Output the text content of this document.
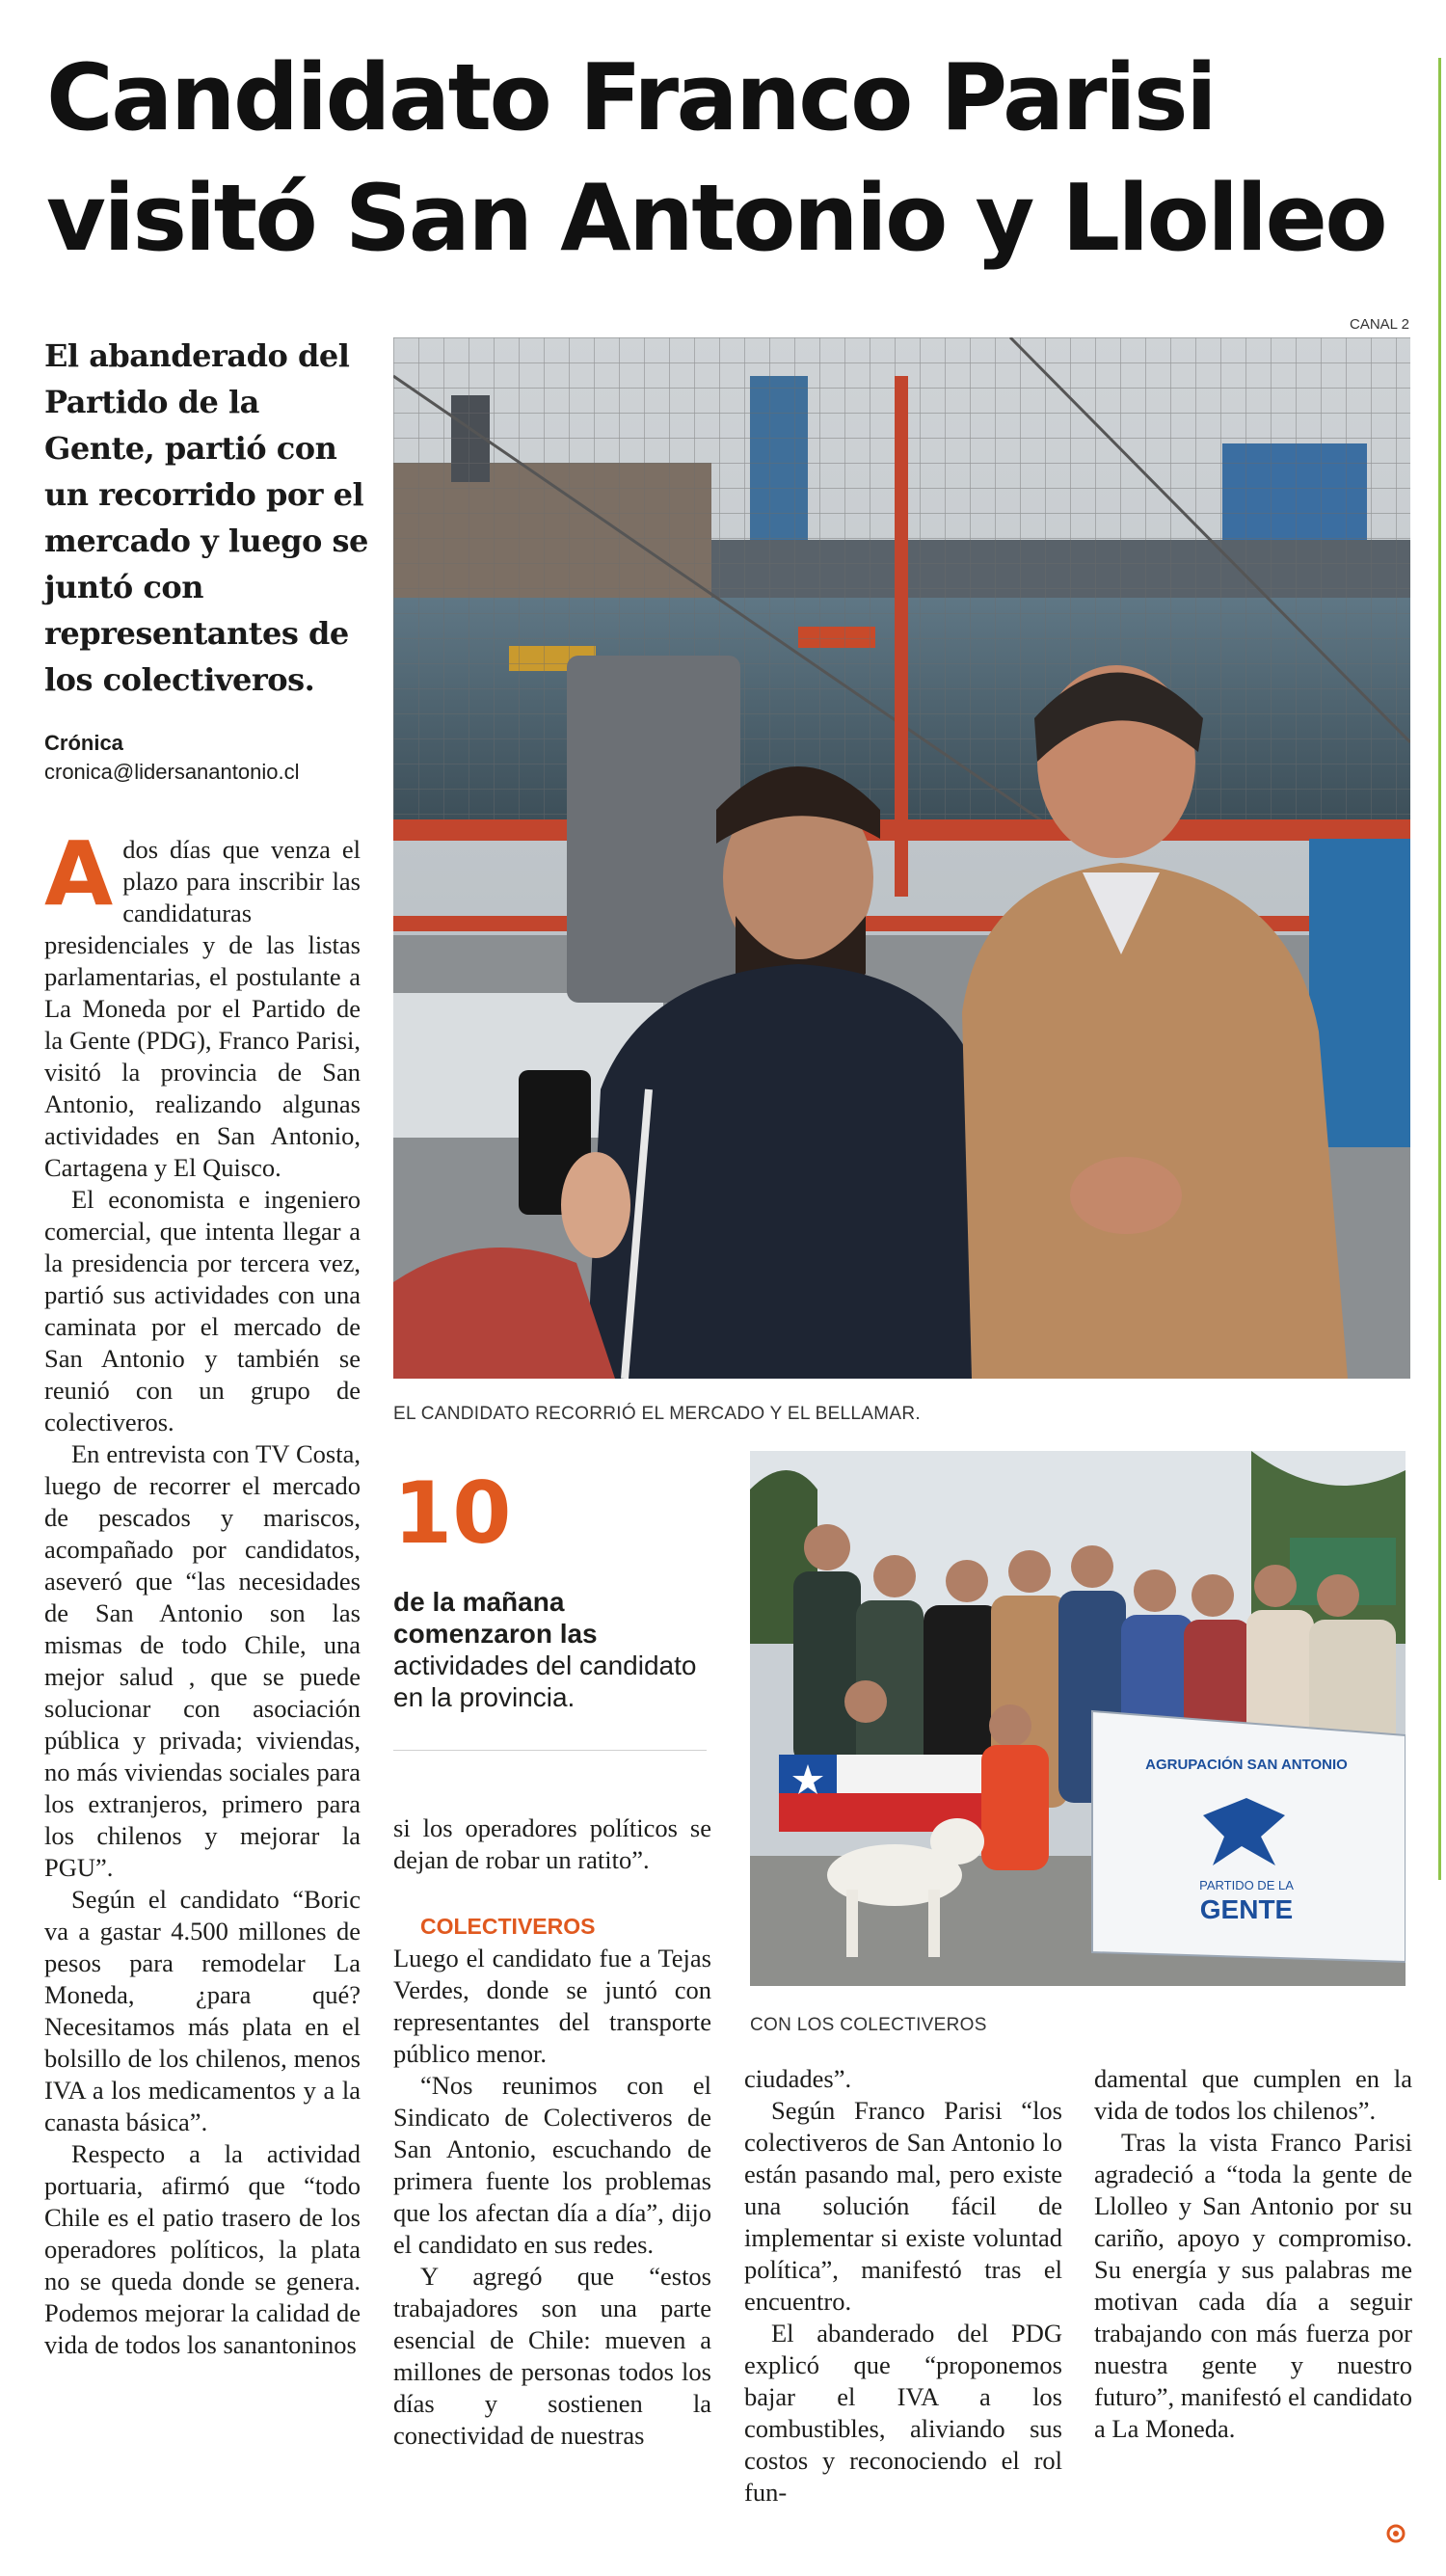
Candidato Franco Parisi visitó San Antonio y Llolleo

El abanderado del Partido de la Gente, partió con un recorrido por el mercado y luego se juntó con representantes de los colectiveros.

Crónica
cronica@lidersanantonio.cl
CANAL 2
EL CANDIDATO RECORRIÓ EL MERCADO Y EL BELLAMAR.
10

de la mañana comenzaron las actividades del candidato en la provincia.

AGRUPACIÓN SAN ANTONIO
PARTIDO DE LA
GENTE
CON LOS COLECTIVEROS

Ados días que venza el plazo para inscribir las candidaturas presidenciales y de las listas parlamentarias, el postulante a La Moneda por el Partido de la Gente (PDG), Franco Parisi, visitó la provincia de San Antonio, realizando algunas actividades en San Antonio, Cartagena y El Quisco.

El economista e ingeniero comercial, que intenta llegar a la presidencia por tercera vez, partió sus actividades con una caminata por el mercado de San Antonio y también se reunió con un grupo de colectiveros.

En entrevista con TV Costa, luego de recorrer el mercado de pescados y mariscos, acompañado por candidatos, aseveró que “las necesidades de San Antonio son las mismas de todo Chile, una mejor salud , que se puede solucionar con asociación pública y privada; viviendas, no más viviendas sociales para los extranjeros, primero para los chilenos y mejorar la PGU”.

Según el candidato “Boric va a gastar 4.500 millones de pesos para remodelar La Moneda, ¿para qué? Necesitamos más plata en el bolsillo de los chilenos, menos IVA a los medicamentos y a la canasta básica”.

Respecto a la actividad portuaria, afirmó que “todo Chile es el patio trasero de los operadores políticos, la plata no se queda donde se genera. Podemos mejorar la calidad de vida de todos los sanantoninos

si los operadores políticos se dejan de robar un ratito”.

COLECTIVEROS

Luego el candidato fue a Tejas Verdes, donde se juntó con representantes del transporte público menor.

“Nos reunimos con el Sindicato de Colectiveros de San Antonio, escuchando de primera fuente los problemas que los afectan día a día”, dijo el candidato en sus redes.

Y agregó que “estos trabajadores son una parte esencial de Chile: mueven a millones de personas todos los días y sostienen la conectividad de nuestras

ciudades”.

Según Franco Parisi “los colectiveros de San Antonio lo están pasando mal, pero existe una solución fácil de implementar si existe voluntad política”, manifestó tras el encuentro.

El abanderado del PDG explicó que “proponemos bajar el IVA a los combustibles, aliviando sus costos y reconociendo el rol fun-

damental que cumplen en la vida de todos los chilenos”.

Tras la vista Franco Parisi agradeció a “toda la gente de Llolleo y San Antonio por su cariño, apoyo y compromiso. Su energía y sus palabras me motivan cada día a seguir trabajando con más fuerza por nuestra gente y nuestro futuro”, manifestó el candidato a La Moneda.
